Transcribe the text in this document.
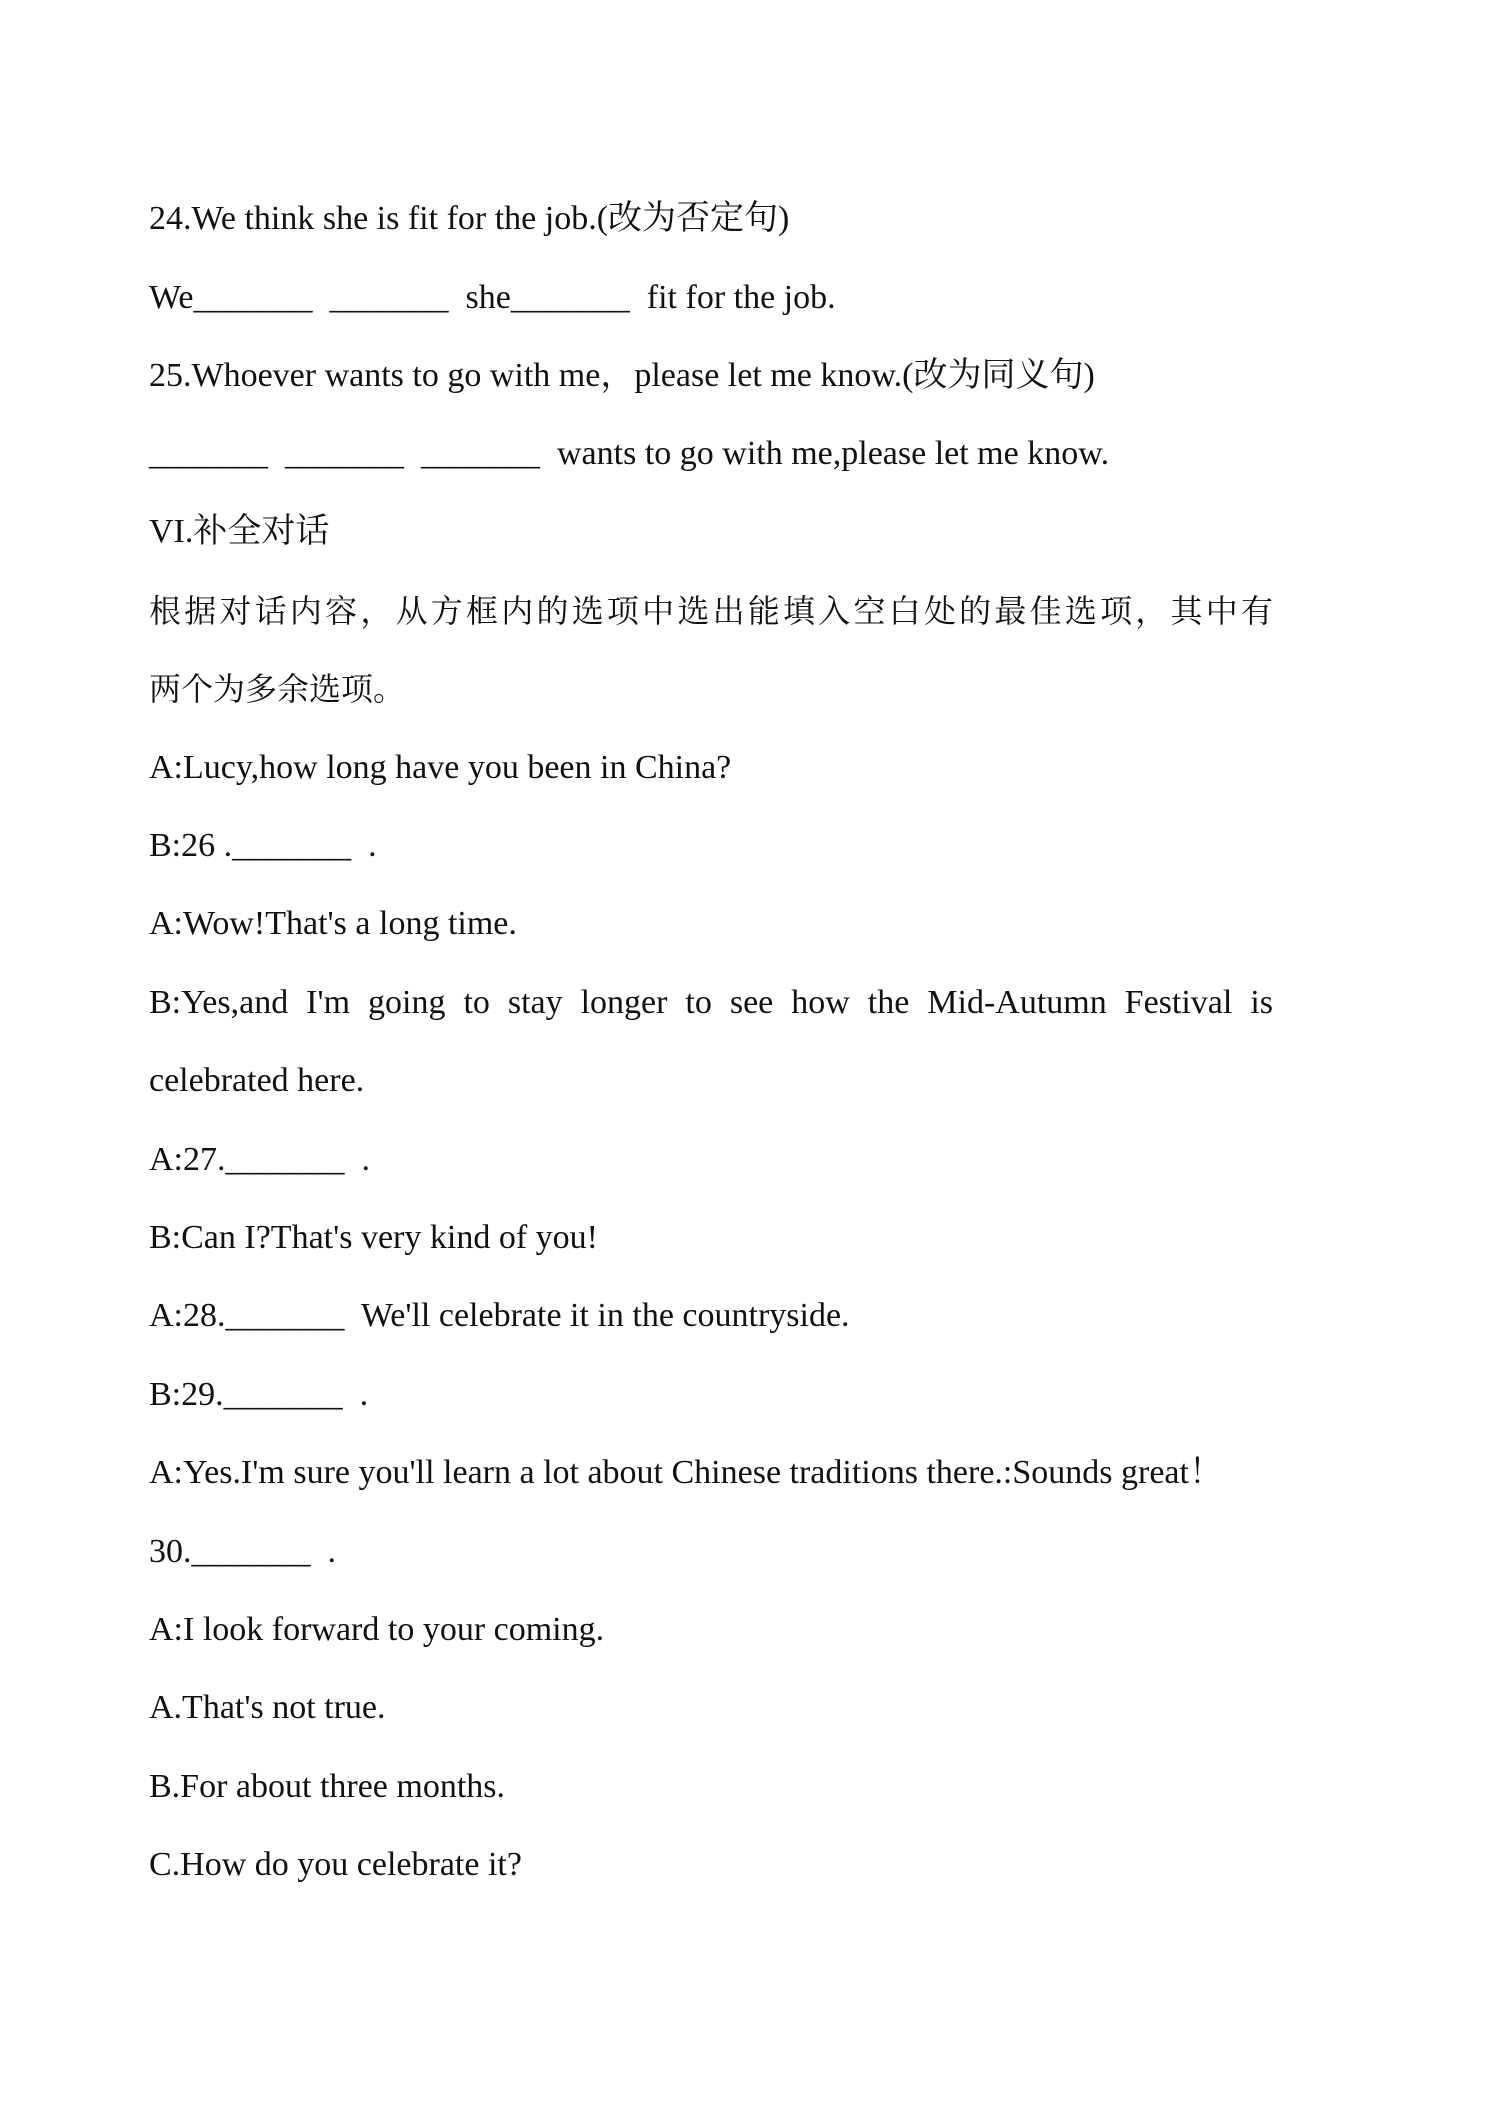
24.We think she is fit for the job.(改为否定句)
We_______  _______  she_______  fit for the job.
25.Whoever wants to go with me，please let me know.(改为同义句)
_______  _______  _______  wants to go with me,please let me know.
VI.补全对话
根据对话内容，从方框内的选项中选出能填入空白处的最佳选项，其中有
两个为多余选项。
A:Lucy,how long have you been in China?
B:26 ._______  .
A:Wow!That's a long time.
B:Yes,and I'm going to stay longer to see how the Mid-Autumn Festival is
celebrated here.
A:27._______  .
B:Can I?That's very kind of you!
A:28._______  We'll celebrate it in the countryside.
B:29._______  .
A:Yes.I'm sure you'll learn a lot about Chinese traditions there.:Sounds great！
30._______  .
A:I look forward to your coming.
A.That's not true.
B.For about three months.
C.How do you celebrate it?
